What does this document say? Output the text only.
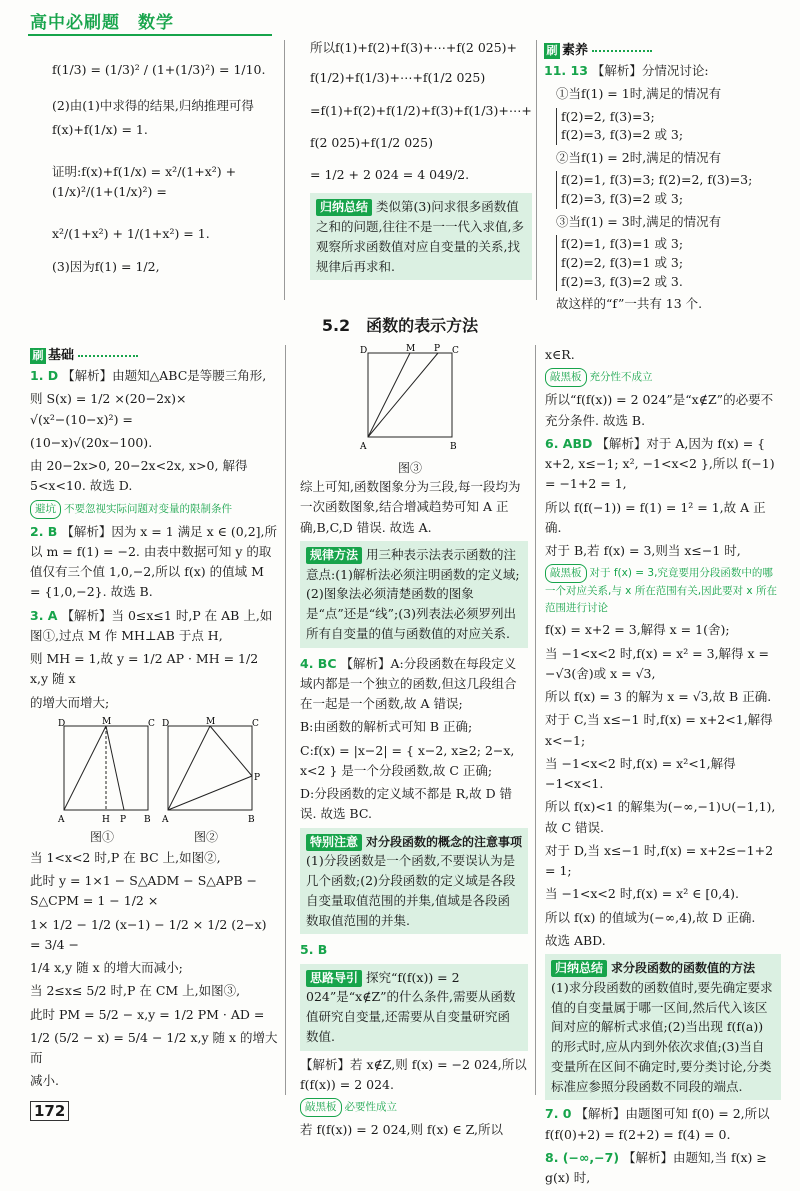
高中必刷题　数学

f(1/3) = (1/3)² / (1+(1/3)²) = 1/10.

(2)由(1)中求得的结果,归纳推理可得

f(x)+f(1/x) = 1.

证明:f(x)+f(1/x) = x²/(1+x²) + (1/x)²/(1+(1/x)²) =

x²/(1+x²) + 1/(1+x²) = 1.

(3)因为f(1) = 1/2,

所以f(1)+f(2)+f(3)+⋯+f(2 025)+

f(1/2)+f(1/3)+⋯+f(1/2 025)

=f(1)+f(2)+f(1/2)+f(3)+f(1/3)+⋯+

f(2 025)+f(1/2 025)

= 1/2 + 2 024 = 4 049/2.

归纳总结 类似第(3)问求很多函数值之和的问题,往往不是一一代入求值,多观察所求函数值对应自变量的关系,找规律后再求和.
刷 素养

11. 13 【解析】分情况讨论:

①当f(1) = 1时,满足的情况有

f(2)=2, f(3)=3;
f(2)=3, f(3)=2 或 3;

②当f(1) = 2时,满足的情况有

f(2)=1, f(3)=3; f(2)=2, f(3)=3;
f(2)=3, f(3)=2 或 3;

③当f(1) = 3时,满足的情况有

f(2)=1, f(3)=1 或 3;
f(2)=2, f(3)=1 或 3;
f(2)=3, f(3)=2 或 3.

故这样的“f”一共有 13 个.

5.2　函数的表示方法
刷 基础

1. D 【解析】由题知△ABC是等腰三角形,

则 S(x) = 1/2 ×(20−2x)× √(x²−(10−x)²) =

(10−x)√(20x−100).

由 20−2x>0, 20−2x<2x, x>0, 解得 5<x<10. 故选 D.

避坑 不要忽视实际问题对变量的限制条件

2. B 【解析】因为 x = 1 满足 x ∈ (0,2],所以 m = f(1) = −2. 由表中数据可知 y 的取值仅有三个值 1,0,−2,所以 f(x) 的值域 M = {1,0,−2}. 故选 B.

3. A 【解析】当 0≤x≤1 时,P 在 AB 上,如图①,过点 M 作 MH⊥AB 于点 H,

则 MH = 1,故 y = 1/2 AP · MH = 1/2 x,y 随 x

的增大而增大;

D	M	C
A	H P B
D	M	C
P
A	B
图①	图②

当 1<x<2 时,P 在 BC 上,如图②,

此时 y = 1×1 − S△ADM − S△APB − S△CPM = 1 − 1/2 ×

1× 1/2 − 1/2 (x−1) − 1/2 × 1/2 (2−x) = 3/4 −

1/4 x,y 随 x 的增大而减小;

当 2≤x≤ 5/2 时,P 在 CM 上,如图③,

此时 PM = 5/2 − x,y = 1/2 PM · AD =

1/2 (5/2 − x) = 5/4 − 1/2 x,y 随 x 的增大而

减小.

D	M P C
A	B
图③

综上可知,函数图象分为三段,每一段均为一次函数图象,结合增减趋势可知 A 正确,B,C,D 错误. 故选 A.

规律方法 用三种表示法表示函数的注意点:(1)解析法必须注明函数的定义域;(2)图象法必须清楚函数的图象是“点”还是“线”;(3)列表法必须罗列出所有自变量的值与函数值的对应关系.

4. BC 【解析】A:分段函数在每段定义域内都是一个独立的函数,但这几段组合在一起是一个函数,故 A 错误;

B:由函数的解析式可知 B 正确;

C:f(x) = |x−2| = { x−2, x≥2; 2−x, x<2 } 是一个分段函数,故 C 正确;

D:分段函数的定义域不都是 R,故 D 错误. 故选 BC.

特别注意 对分段函数的概念的注意事项
(1)分段函数是一个函数,不要误认为是几个函数;(2)分段函数的定义域是各段自变量取值范围的并集,值域是各段函数取值范围的并集.

5. B

思路导引 探究“f(f(x)) = 2 024”是“x∉Z”的什么条件,需要从函数值研究自变量,还需要从自变量研究函数值.

【解析】若 x∉Z,则 f(x) = −2 024,所以 f(f(x)) = 2 024.

敲黑板 必要性成立

若 f(f(x)) = 2 024,则 f(x) ∈ Z,所以

x∈R.

敲黑板 充分性不成立

所以“f(f(x)) = 2 024”是“x∉Z”的必要不充分条件. 故选 B.

6. ABD 【解析】对于 A,因为 f(x) = { x+2, x≤−1; x², −1<x<2 },所以 f(−1) = −1+2 = 1,

所以 f(f(−1)) = f(1) = 1² = 1,故 A 正确.

对于 B,若 f(x) = 3,则当 x≤−1 时,

敲黑板 对于 f(x) = 3,究竟要用分段函数中的哪一个对应关系,与 x 所在范围有关,因此要对 x 所在范围进行讨论

f(x) = x+2 = 3,解得 x = 1(舍);

当 −1<x<2 时,f(x) = x² = 3,解得 x = −√3(舍)或 x = √3,

所以 f(x) = 3 的解为 x = √3,故 B 正确.

对于 C,当 x≤−1 时,f(x) = x+2<1,解得 x<−1;

当 −1<x<2 时,f(x) = x²<1,解得 −1<x<1.

所以 f(x)<1 的解集为(−∞,−1)∪(−1,1),故 C 错误.

对于 D,当 x≤−1 时,f(x) = x+2≤−1+2 = 1;

当 −1<x<2 时,f(x) = x² ∈ [0,4).

所以 f(x) 的值域为(−∞,4),故 D 正确.

故选 ABD.

归纳总结 求分段函数的函数值的方法
(1)求分段函数的函数值时,要先确定要求值的自变量属于哪一区间,然后代入该区间对应的解析式求值;(2)当出现 f(f(a)) 的形式时,应从内到外依次求值;(3)当自变量所在区间不确定时,要分类讨论,分类标准应参照分段函数不同段的端点.

7. 0 【解析】由题图可知 f(0) = 2,所以 f(f(0)+2) = f(2+2) = f(4) = 0.

8. (−∞,−7) 【解析】由题知,当 f(x) ≥ g(x) 时,

172
